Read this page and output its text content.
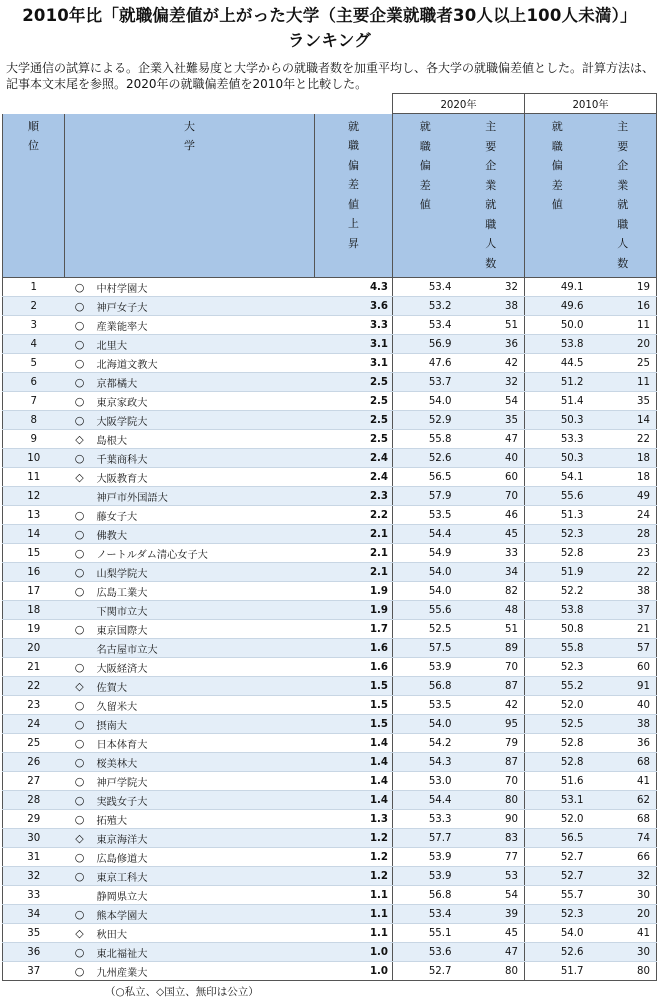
2010年比「就職偏差値が上がった大学（主要企業就職者30人以上100人未満）」
ランキング

大学通信の試算による。企業入社難易度と大学からの就職者数を加重平均し、各大学の就職偏差値とした。計算方法は、記事本文末尾を参照。2020年の就職偏差値を2010年と比較した。

				2020年		2010年	
順位	大学		就職偏差値上昇	就職偏差値	主要企業就職人数	就職偏差値	主要企業就職人数
1	○	中村学園大	4.3	53.4	32	49.1	19
2	○	神戸女子大	3.6	53.2	38	49.6	16
3	○	産業能率大	3.3	53.4	51	50.0	11
4	○	北里大	3.1	56.9	36	53.8	20
5	○	北海道文教大	3.1	47.6	42	44.5	25
6	○	京都橘大	2.5	53.7	32	51.2	11
7	○	東京家政大	2.5	54.0	54	51.4	35
8	○	大阪学院大	2.5	52.9	35	50.3	14
9	◇	島根大	2.5	55.8	47	53.3	22
10	○	千葉商科大	2.4	52.6	40	50.3	18
11	◇	大阪教育大	2.4	56.5	60	54.1	18
12		神戸市外国語大	2.3	57.9	70	55.6	49
13	○	藤女子大	2.2	53.5	46	51.3	24
14	○	佛教大	2.1	54.4	45	52.3	28
15	○	ノートルダム清心女子大	2.1	54.9	33	52.8	23
16	○	山梨学院大	2.1	54.0	34	51.9	22
17	○	広島工業大	1.9	54.0	82	52.2	38
18		下関市立大	1.9	55.6	48	53.8	37
19	○	東京国際大	1.7	52.5	51	50.8	21
20		名古屋市立大	1.6	57.5	89	55.8	57
21	○	大阪経済大	1.6	53.9	70	52.3	60
22	◇	佐賀大	1.5	56.8	87	55.2	91
23	○	久留米大	1.5	53.5	42	52.0	40
24	○	摂南大	1.5	54.0	95	52.5	38
25	○	日本体育大	1.4	54.2	79	52.8	36
26	○	桜美林大	1.4	54.3	87	52.8	68
27	○	神戸学院大	1.4	53.0	70	51.6	41
28	○	実践女子大	1.4	54.4	80	53.1	62
29	○	拓殖大	1.3	53.3	90	52.0	68
30	◇	東京海洋大	1.2	57.7	83	56.5	74
31	○	広島修道大	1.2	53.9	77	52.7	66
32	○	東京工科大	1.2	53.9	53	52.7	32
33		静岡県立大	1.1	56.8	54	55.7	30
34	○	熊本学園大	1.1	53.4	39	52.3	20
35	◇	秋田大	1.1	55.1	45	54.0	41
36	○	東北福祉大	1.0	53.6	47	52.6	30
37	○	九州産業大	1.0	52.7	80	51.7	80

（○私立、◇国立、無印は公立）
